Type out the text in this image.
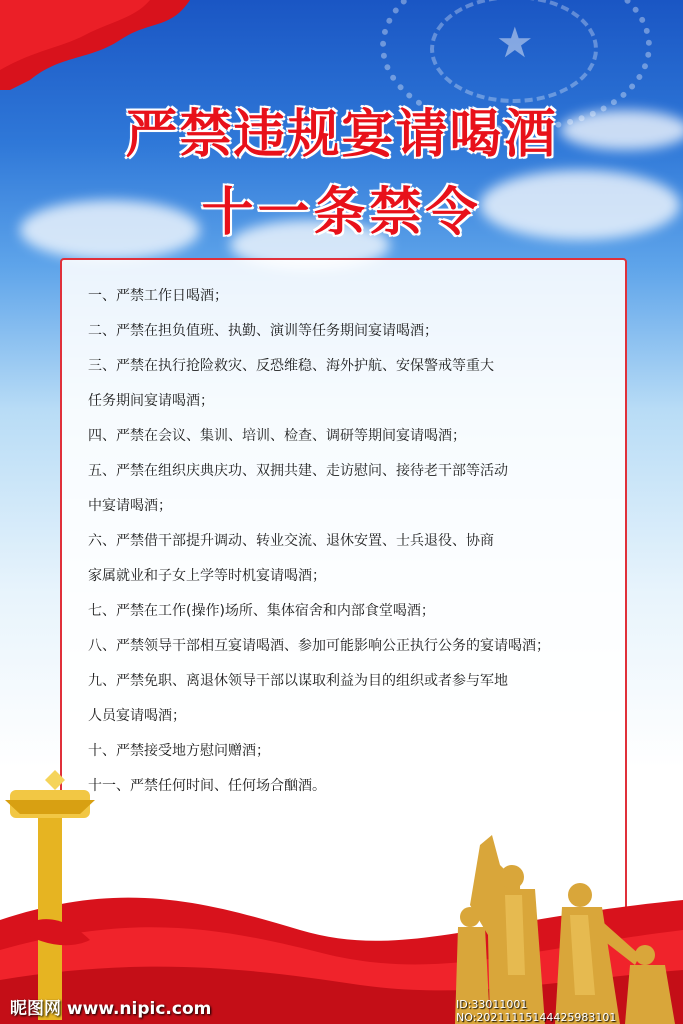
★
严禁违规宴请喝酒
十一条禁令
一、严禁工作日喝酒；
二、严禁在担负值班、执勤、演训等任务期间宴请喝酒；
三、严禁在执行抢险救灾、反恐维稳、海外护航、安保警戒等重大
任务期间宴请喝酒；
四、严禁在会议、集训、培训、检查、调研等期间宴请喝酒；
五、严禁在组织庆典庆功、双拥共建、走访慰问、接待老干部等活动
中宴请喝酒；
六、严禁借干部提升调动、转业交流、退休安置、士兵退役、协商
家属就业和子女上学等时机宴请喝酒；
七、严禁在工作(操作)场所、集体宿舍和内部食堂喝酒；
八、严禁领导干部相互宴请喝酒、参加可能影响公正执行公务的宴请喝酒；
九、严禁免职、离退休领导干部以谋取利益为目的组织或者参与军地
人员宴请喝酒；
十、严禁接受地方慰问赠酒；
十一、严禁任何时间、任何场合酗酒。
昵图网 www.nipic.com	ID:33011001 NO:20211115144425983101
